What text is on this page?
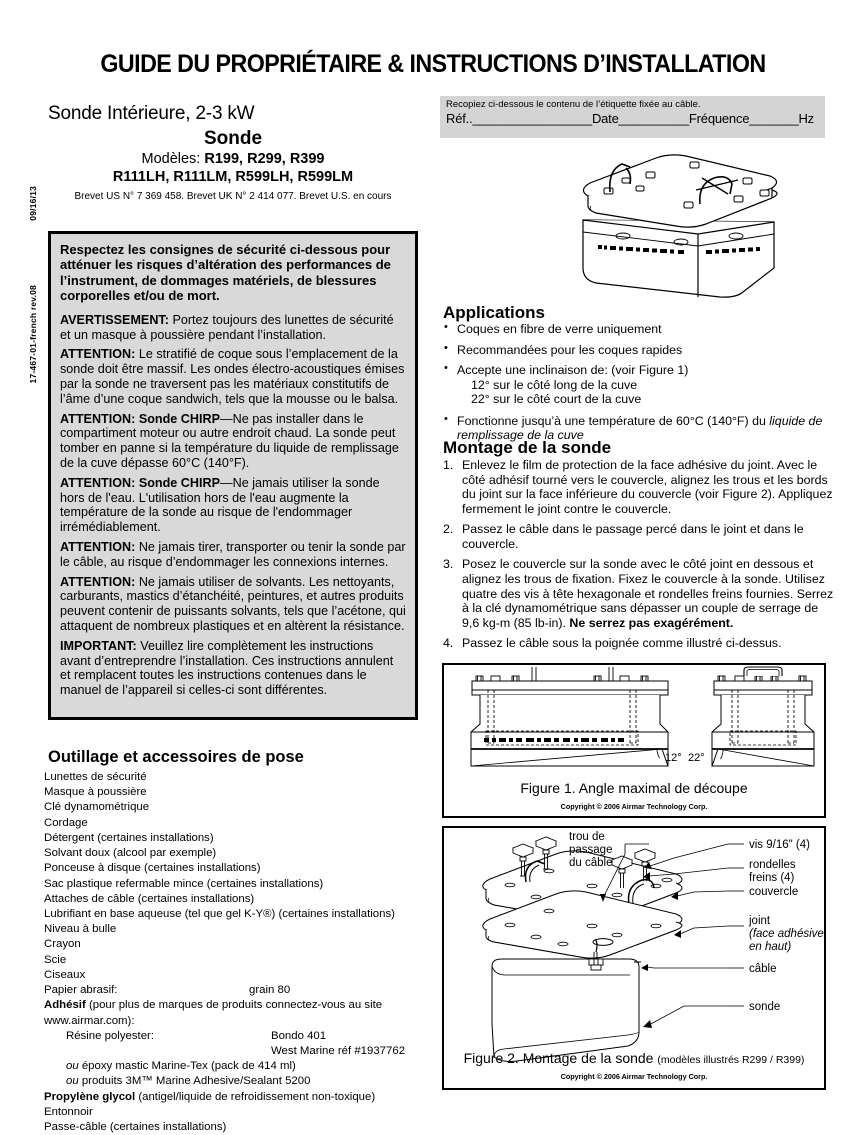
GUIDE DU PROPRIÉTAIRE & INSTRUCTIONS D’INSTALLATION
17-467-01-french rev.08
09/16/13
Sonde Intérieure, 2-3 kW
Sonde
Modèles: R199, R299, R399
R111LH, R111LM, R599LH, R599LM
Brevet US N° 7 369 458. Brevet UK N° 2 414 077. Brevet U.S. en cours

Respectez les consignes de sécurité ci-dessous pour atténuer les risques d’altération des performances de l’instrument, de dommages matériels, de blessures corporelles et/ou de mort.

AVERTISSEMENT: Portez toujours des lunettes de sécurité et un masque à poussière pendant l’installation.

ATTENTION: Le stratifié de coque sous l’emplacement de la sonde doit être massif. Les ondes électro-acoustiques émises par la sonde ne traversent pas les matériaux constitutifs de l’âme d’une coque sandwich, tels que la mousse ou le balsa.

ATTENTION: Sonde CHIRP—Ne pas installer dans le compartiment moteur ou autre endroit chaud. La sonde peut tomber en panne si la température du liquide de remplissage de la cuve dépasse 60°C (140°F).

ATTENTION: Sonde CHIRP—Ne jamais utiliser la sonde hors de l'eau. L'utilisation hors de l'eau augmente la température de la sonde au risque de l'endommager irrémédiablement.

ATTENTION: Ne jamais tirer, transporter ou tenir la sonde par le câble, au risque d’endommager les connexions internes.

ATTENTION: Ne jamais utiliser de solvants. Les nettoyants, carburants, mastics d’étanchéité, peintures, et autres produits peuvent contenir de puissants solvants, tels que l’acétone, qui attaquent de nombreux plastiques et en altèrent la résistance.

IMPORTANT: Veuillez lire complètement les instructions avant d’entreprendre l’installation. Ces instructions annulent et remplacent toutes les instructions contenues dans le manuel de l’appareil si celles-ci sont différentes.

Outillage et accessoires de pose
Lunettes de sécurité
Masque à poussière
Clé dynamométrique
Cordage
Détergent (certaines installations)
Solvant doux (alcool par exemple)
Ponceuse à disque (certaines installations)
Sac plastique refermable mince (certaines installations)
Attaches de câble (certaines installations)
Lubrifiant en base aqueuse (tel que gel K-Y®) (certaines installations)
Niveau à bulle
Crayon
Scie
Ciseaux
Papier abrasif:	grain 80
Adhésif (pour plus de marques de produits connectez-vous au site www.airmar.com):
Résine polyester:	Bondo 401
West Marine réf #1937762
ou époxy mastic Marine-Tex (pack de 414 ml)
ou produits 3M™ Marine Adhesive/Sealant 5200
Propylène glycol (antigel/liquide de refroidissement non-toxique)
Entonnoir
Passe-câble (certaines installations)
Recopiez ci-dessous le contenu de l’étiquette fixée au câble.
Réf.._________________Date__________Fréquence_______Hz
Applications
• Coques en fibre de verre uniquement
• Recommandées pour les coques rapides
• Accepte une inclinaison de: (voir Figure 1)
12° sur le côté long de la cuve
22° sur le côté court de la cuve
• Fonctionne jusqu’à une température de 60°C (140°F) du liquide de remplissage de la cuve
Montage de la sonde
1. Enlevez le film de protection de la face adhésive du joint. Avec le côté adhésif tourné vers le couvercle, alignez les trous et les bords du joint sur la face inférieure du couvercle (voir Figure 2). Appliquez fermement le joint contre le couvercle.
2. Passez le câble dans le passage percé dans le joint et dans le couvercle.
3. Posez le couvercle sur la sonde avec le côté joint en dessous et alignez les trous de fixation. Fixez le couvercle à la sonde. Utilisez quatre des vis à tête hexagonale et rondelles freins fournies. Serrez à la clé dynamométrique sans dépasser un couple de serrage de 9,6 kg-m (85 lb-in). Ne serrez pas exagérément.
4. Passez le câble sous la poignée comme illustré ci-dessus.
12° 22°
Figure 1. Angle maximal de découpe
Copyright © 2006 Airmar Technology Corp.
trou de
passage
du câble
vis 9/16" (4)
rondelles
freins (4)
couvercle
joint
(face adhésive
en haut)
câble
sonde
Figure 2. Montage de la sonde (modèles illustrés R299 / R399)
Copyright © 2006 Airmar Technology Corp.
